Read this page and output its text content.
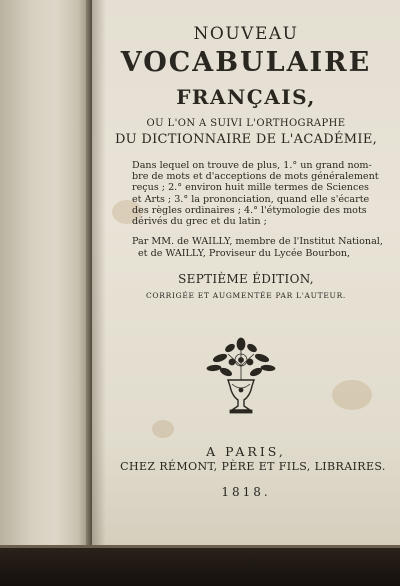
NOUVEAU
VOCABULAIRE
FRANÇAIS,
OU L'ON A SUIVI L'ORTHOGRAPHE
DU DICTIONNAIRE DE L'ACADÉMIE,
Dans lequel on trouve de plus, 1.° un grand nom-
bre de mots et d'acceptions de mots généralement
reçus ; 2.° environ huit mille termes de Sciences
et Arts ; 3.° la prononciation, quand elle s'écarte
des règles ordinaires ; 4.° l'étymologie des mots
dérivés du grec et du latin ;
Par MM. de WAILLY, membre de l'Institut National,
et de WAILLY, Proviseur du Lycée Bourbon,
SEPTIÈME ÉDITION,
CORRIGÉE ET AUGMENTÉE PAR L'AUTEUR.
A PARIS,
CHEZ RÉMONT, PÈRE ET FILS, LIBRAIRES.
1818.
